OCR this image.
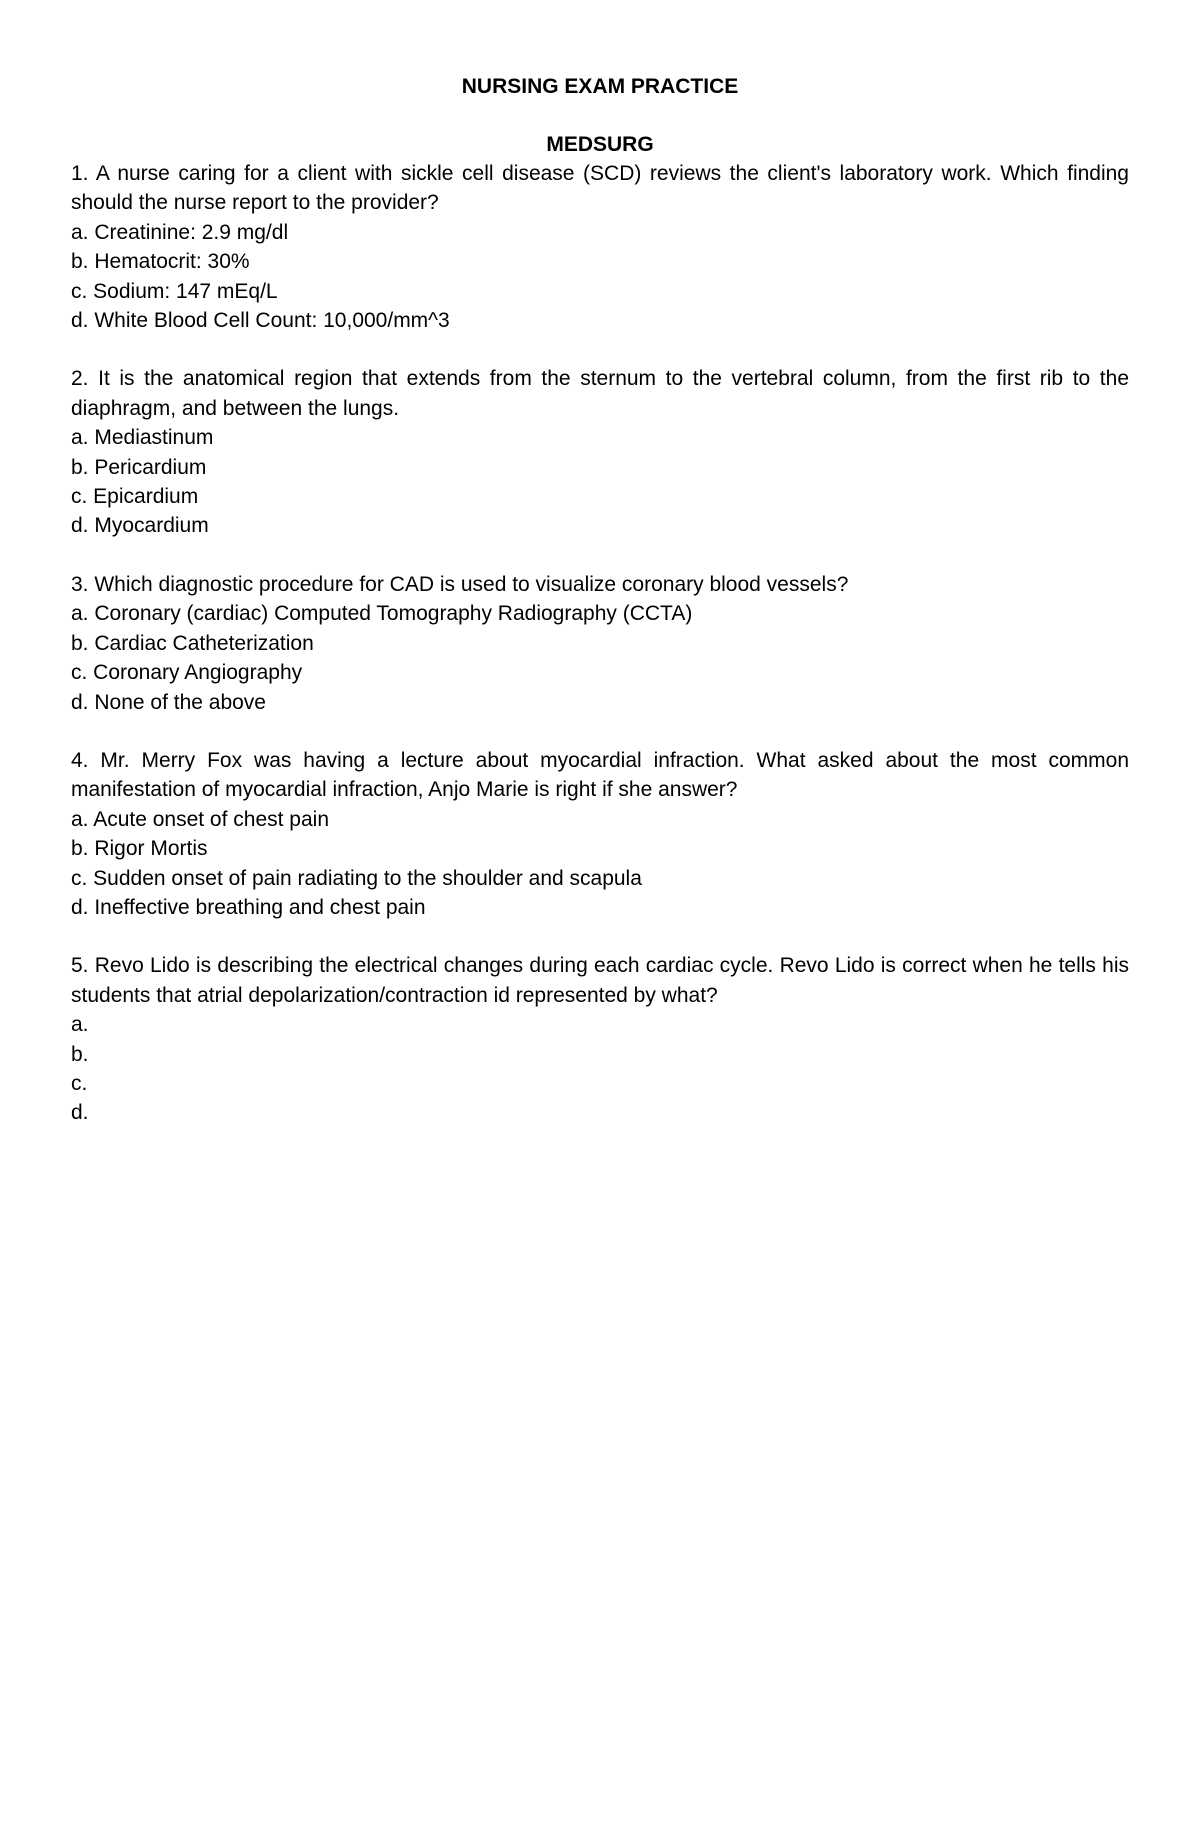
NURSING EXAM PRACTICE

MEDSURG

1. A nurse caring for a client with sickle cell disease (SCD) reviews the client's laboratory work. Which finding should the nurse report to the provider?

a. Creatinine: 2.9 mg/dl

b. Hematocrit: 30%

c. Sodium: 147 mEq/L

d. White Blood Cell Count: 10,000/mm^3

2. It is the anatomical region that extends from the sternum to the vertebral column, from the first rib to the diaphragm, and between the lungs.

a. Mediastinum

b. Pericardium

c. Epicardium

d. Myocardium

3. Which diagnostic procedure for CAD is used to visualize coronary blood vessels?

a. Coronary (cardiac) Computed Tomography Radiography (CCTA)

b. Cardiac Catheterization

c. Coronary Angiography

d. None of the above

4. Mr. Merry Fox was having a lecture about myocardial infraction. What asked about the most common manifestation of myocardial infraction, Anjo Marie is right if she answer?

a. Acute onset of chest pain

b. Rigor Mortis

c. Sudden onset of pain radiating to the shoulder and scapula

d. Ineffective breathing and chest pain

5. Revo Lido is describing the electrical changes during each cardiac cycle. Revo Lido is correct when he tells his students that atrial depolarization/contraction id represented by what?

a.

b.

c.

d.
